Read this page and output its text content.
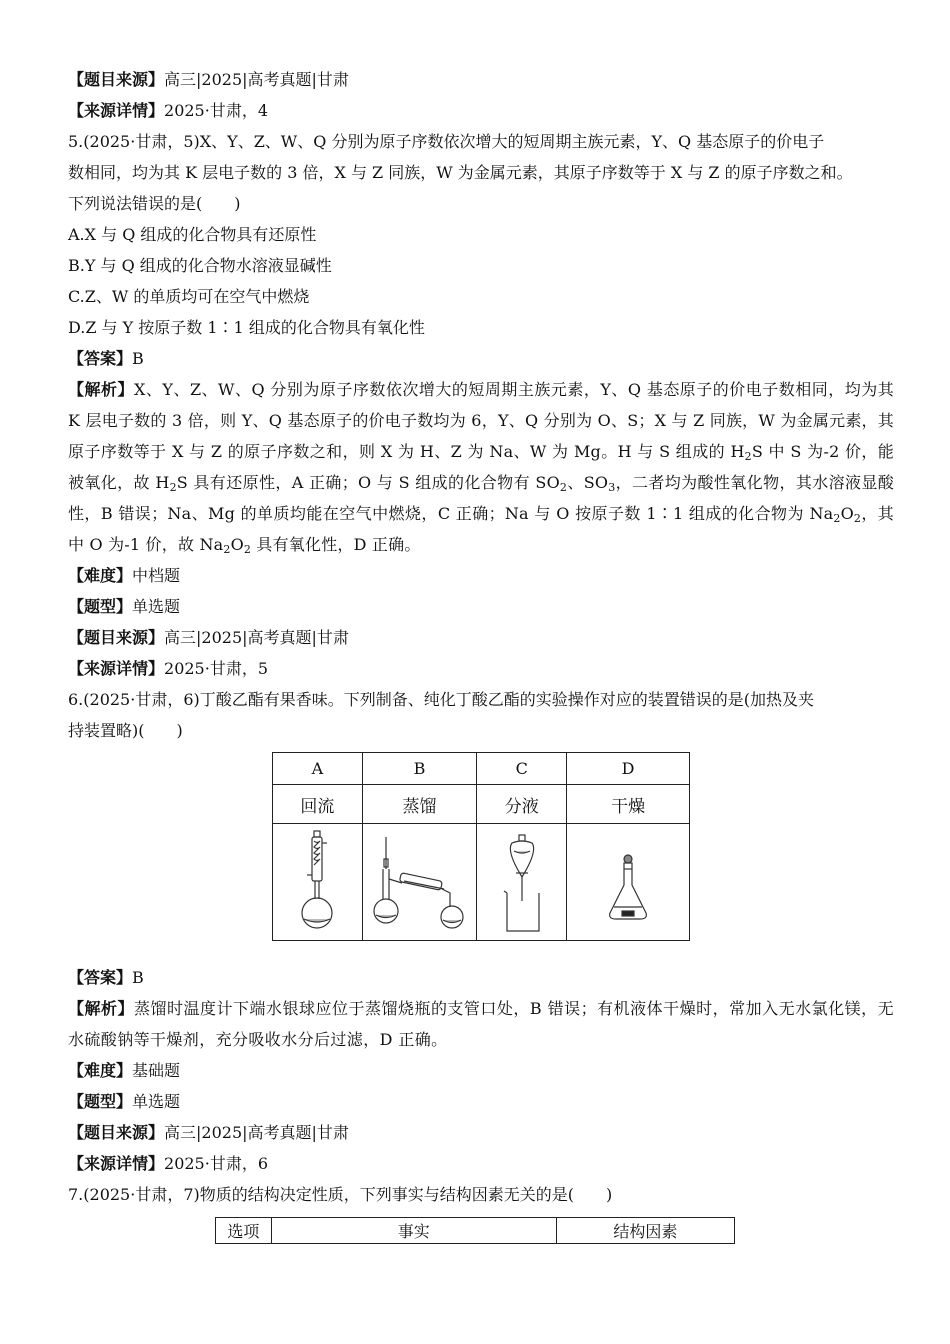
【题目来源】高三|2025|高考真题|甘肃
【来源详情】2025·甘肃，4
5.(2025·甘肃，5)X、Y、Z、W、Q 分别为原子序数依次增大的短周期主族元素，Y、Q 基态原子的价电子
数相同，均为其 K 层电子数的 3 倍，X 与 Z 同族，W 为金属元素，其原子序数等于 X 与 Z 的原子序数之和。
下列说法错误的是(　　)
A.X 与 Q 组成的化合物具有还原性
B.Y 与 Q 组成的化合物水溶液显碱性
C.Z、W 的单质均可在空气中燃烧
D.Z 与 Y 按原子数 1∶1 组成的化合物具有氧化性
【答案】B
【解析】X、Y、Z、W、Q 分别为原子序数依次增大的短周期主族元素，Y、Q 基态原子的价电子数相同，均为其 K 层电子数的 3 倍，则 Y、Q 基态原子的价电子数均为 6，Y、Q 分别为 O、S；X 与 Z 同族，W 为金属元素，其原子序数等于 X 与 Z 的原子序数之和，则 X 为 H、Z 为 Na、W 为 Mg。H 与 S 组成的 $H_2S$ 中 S 为-2 价，能被氧化，故 $H_2S$ 具有还原性，A 正确；O 与 S 组成的化合物有 $SO_2$、$SO_3$，二者均为酸性氧化物，其水溶液显酸性，B 错误；Na、Mg 的单质均能在空气中燃烧，C 正确；Na 与 O 按原子数 1∶1 组成的化合物为 $Na_2O_2$，其中 O 为-1 价，故 $Na_2O_2$ 具有氧化性，D 正确。
【难度】中档题
【题型】单选题
【题目来源】高三|2025|高考真题|甘肃
【来源详情】2025·甘肃，5
6.(2025·甘肃，6)丁酸乙酯有果香味。下列制备、纯化丁酸乙酯的实验操作对应的装置错误的是(加热及夹
持装置略)(　　)
A	B	C	D
回流	蒸馏	分液	干燥

【答案】B
【解析】蒸馏时温度计下端水银球应位于蒸馏烧瓶的支管口处，B 错误；有机液体干燥时，常加入无水氯化镁，无水硫酸钠等干燥剂，充分吸收水分后过滤，D 正确。
【难度】基础题
【题型】单选题
【题目来源】高三|2025|高考真题|甘肃
【来源详情】2025·甘肃，6
7.(2025·甘肃，7)物质的结构决定性质，下列事实与结构因素无关的是(　　)
选项	事实	结构因素
